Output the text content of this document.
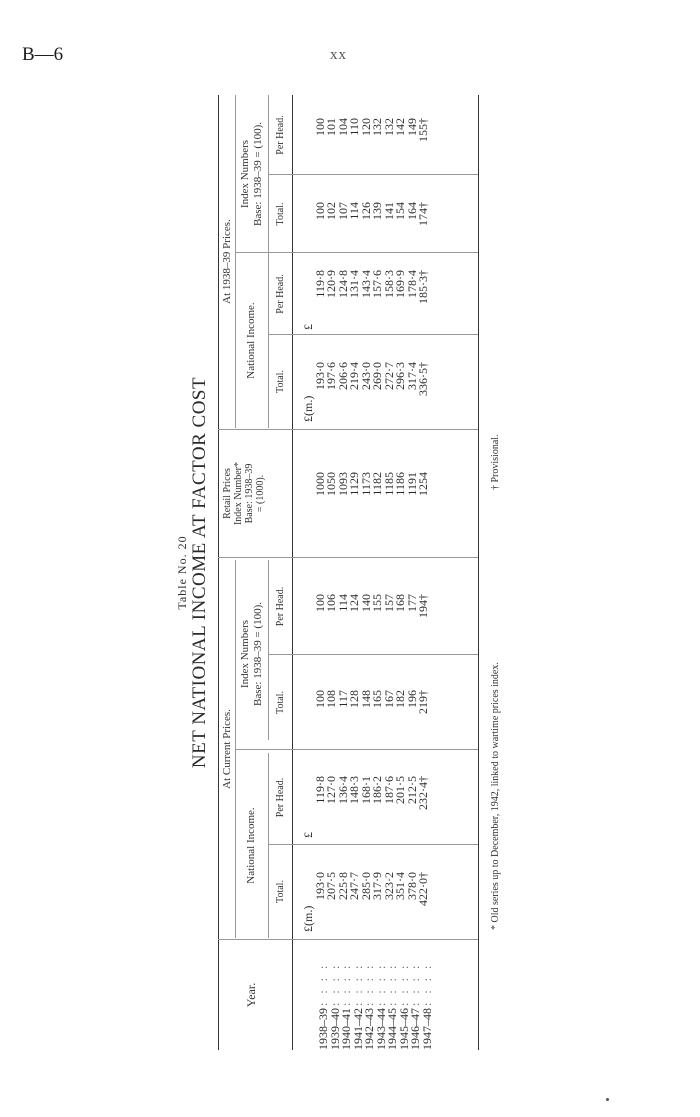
B—6	xx
Table No. 20 NET NATIONAL INCOME AT FACTOR COST
Year.
At Current Prices.
At 1938–39 Prices.
National Income.
Index Numbers Base: 1938–39 = (100).
Retail Prices Index Number* Base: 1938–39 = (1000).
National Income.
Index Numbers Base: 1938–39 = (100).
Total.
Per Head.
Total.
Per Head.
Total.
Per Head.
Total.
Per Head.
1938–39: : : :
1939–40: : : :
1940–41: : : :
1941–42: : : :
1942–43: : : :
1943–44: : : :
1944–45: : : :
1945–46: : : :
1946–47: : : :
1947–48: : : :
£(m.)
193·0
207·5
225·8
247·7
285·0
317·9
323·2
351·4
378·0
422·0†
£
119·8
127·0
136·4
148·3
168·1
186·2
187·6
201·5
212·5
232·4†
100
108
117
128
148
165
167
182
196
219†
100
106
114
124
140
155
157
168
177
194†
1000
1050
1093
1129
1173
1182
1185
1186
1191
1254
£(m.)
193·0
197·6
206·6
219·4
243·0
269·0
272·7
296·3
317·4
336·5†
£
119·8
120·9
124·8
131·4
143·4
157·6
158·3
169·9
178·4
185·3†
100
102
107
114
126
139
141
154
164
174†
100
101
104
110
120
132
132
142
149
155†
* Old series up to December, 1942, linked to wartime prices index.
† Provisional.
